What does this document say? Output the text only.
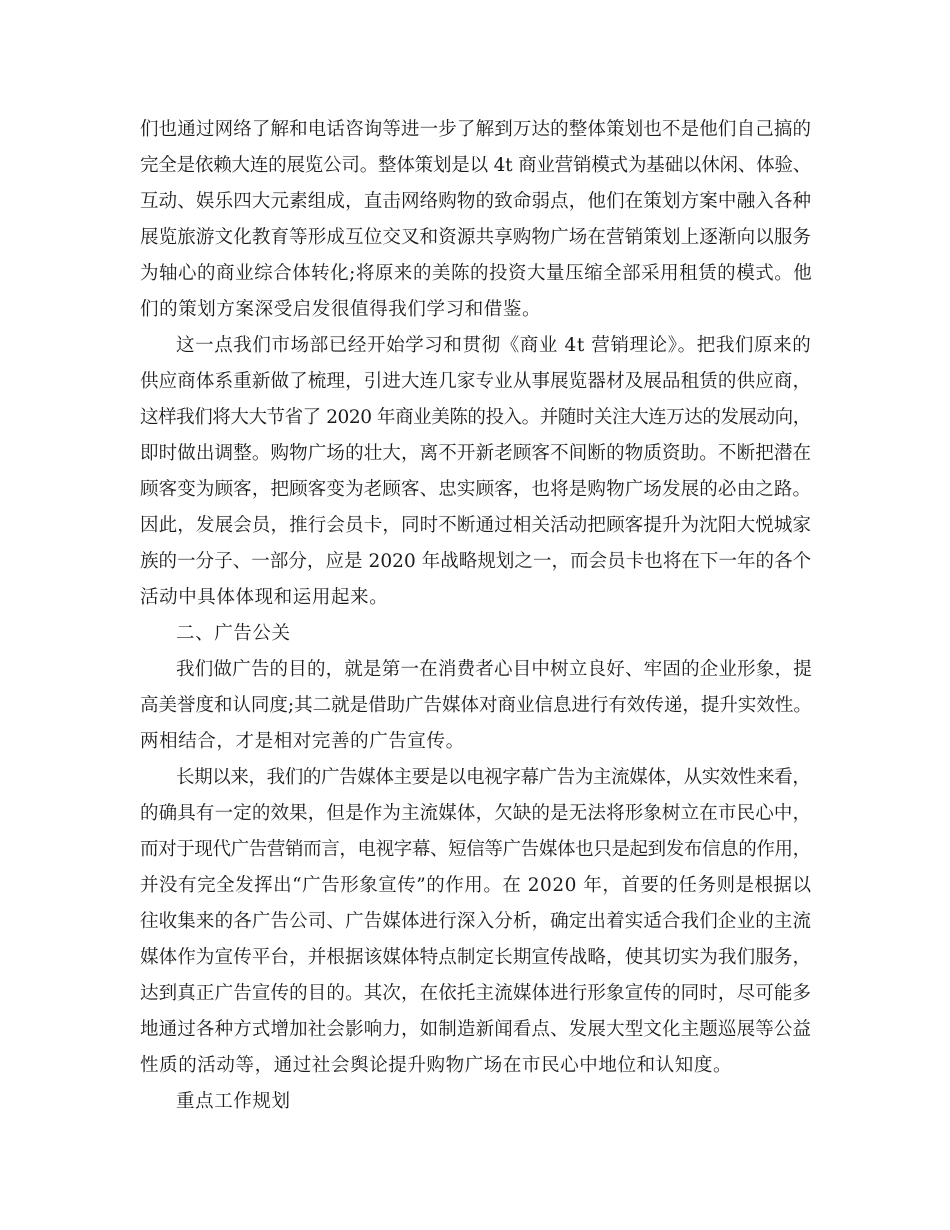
们也通过网络了解和电话咨询等进一步了解到万达的整体策划也不是他们自己搞的
完全是依赖大连的展览公司。整体策划是以 4t 商业营销模式为基础以休闲、体验、
互动、娱乐四大元素组成，直击网络购物的致命弱点，他们在策划方案中融入各种
展览旅游文化教育等形成互位交叉和资源共享购物广场在营销策划上逐渐向以服务
为轴心的商业综合体转化;将原来的美陈的投资大量压缩全部采用租赁的模式。他
们的策划方案深受启发很值得我们学习和借鉴。
这一点我们市场部已经开始学习和贯彻《商业 4t 营销理论》。把我们原来的
供应商体系重新做了梳理，引进大连几家专业从事展览器材及展品租赁的供应商，
这样我们将大大节省了 2020 年商业美陈的投入。并随时关注大连万达的发展动向，
即时做出调整。购物广场的壮大，离不开新老顾客不间断的物质资助。不断把潜在
顾客变为顾客，把顾客变为老顾客、忠实顾客，也将是购物广场发展的必由之路。
因此，发展会员，推行会员卡，同时不断通过相关活动把顾客提升为沈阳大悦城家
族的一分子、一部分，应是 2020 年战略规划之一，而会员卡也将在下一年的各个
活动中具体体现和运用起来。
二、广告公关
我们做广告的目的，就是第一在消费者心目中树立良好、牢固的企业形象，提
高美誉度和认同度;其二就是借助广告媒体对商业信息进行有效传递，提升实效性。
两相结合，才是相对完善的广告宣传。
长期以来，我们的广告媒体主要是以电视字幕广告为主流媒体，从实效性来看，
的确具有一定的效果，但是作为主流媒体，欠缺的是无法将形象树立在市民心中，
而对于现代广告营销而言，电视字幕、短信等广告媒体也只是起到发布信息的作用，
并没有完全发挥出“广告形象宣传”的作用。在 2020 年，首要的任务则是根据以
往收集来的各广告公司、广告媒体进行深入分析，确定出着实适合我们企业的主流
媒体作为宣传平台，并根据该媒体特点制定长期宣传战略，使其切实为我们服务，
达到真正广告宣传的目的。其次，在依托主流媒体进行形象宣传的同时，尽可能多
地通过各种方式增加社会影响力，如制造新闻看点、发展大型文化主题巡展等公益
性质的活动等，通过社会舆论提升购物广场在市民心中地位和认知度。
重点工作规划
